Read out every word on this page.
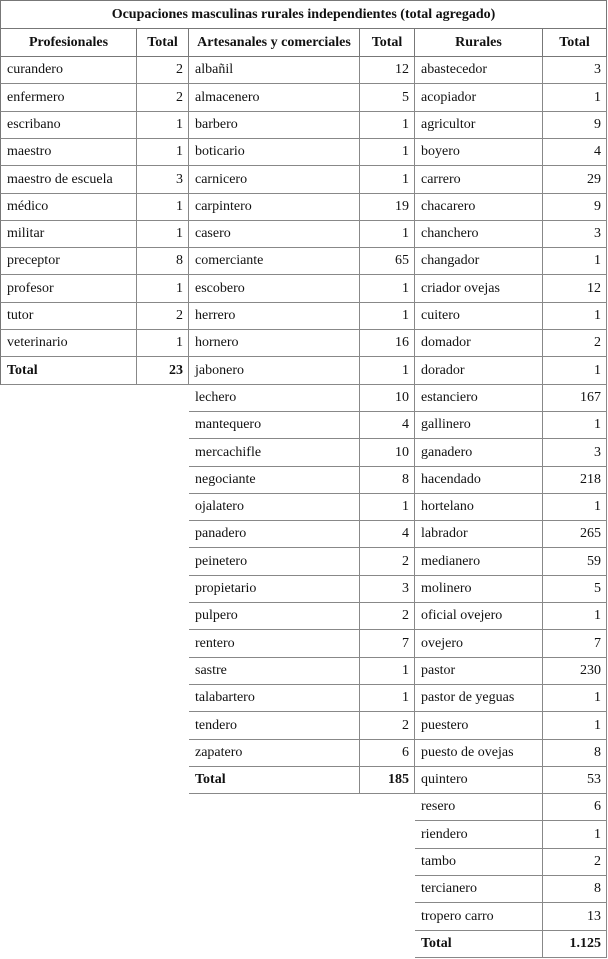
Ocupaciones masculinas rurales independientes (total agregado)
Profesionales	Total
curandero	2
enfermero	2
escribano	1
maestro	1
maestro de escuela	3
médico	1
militar	1
preceptor	8
profesor	1
tutor	2
veterinario	1
Total	23
Artesanales y comerciales	Total
albañil	12
almacenero	5
barbero	1
boticario	1
carnicero	1
carpintero	19
casero	1
comerciante	65
escobero	1
herrero	1
hornero	16
jabonero	1
lechero	10
mantequero	4
mercachifle	10
negociante	8
ojalatero	1
panadero	4
peinetero	2
propietario	3
pulpero	2
rentero	7
sastre	1
talabartero	1
tendero	2
zapatero	6
Total	185
Rurales	Total
abastecedor	3
acopiador	1
agricultor	9
boyero	4
carrero	29
chacarero	9
chanchero	3
changador	1
criador ovejas	12
cuitero	1
domador	2
dorador	1
estanciero	167
gallinero	1
ganadero	3
hacendado	218
hortelano	1
labrador	265
medianero	59
molinero	5
oficial ovejero	1
ovejero	7
pastor	230
pastor de yeguas	1
puestero	1
puesto de ovejas	8
quintero	53
resero	6
riendero	1
tambo	2
tercianero	8
tropero carro	13
Total	1.125
